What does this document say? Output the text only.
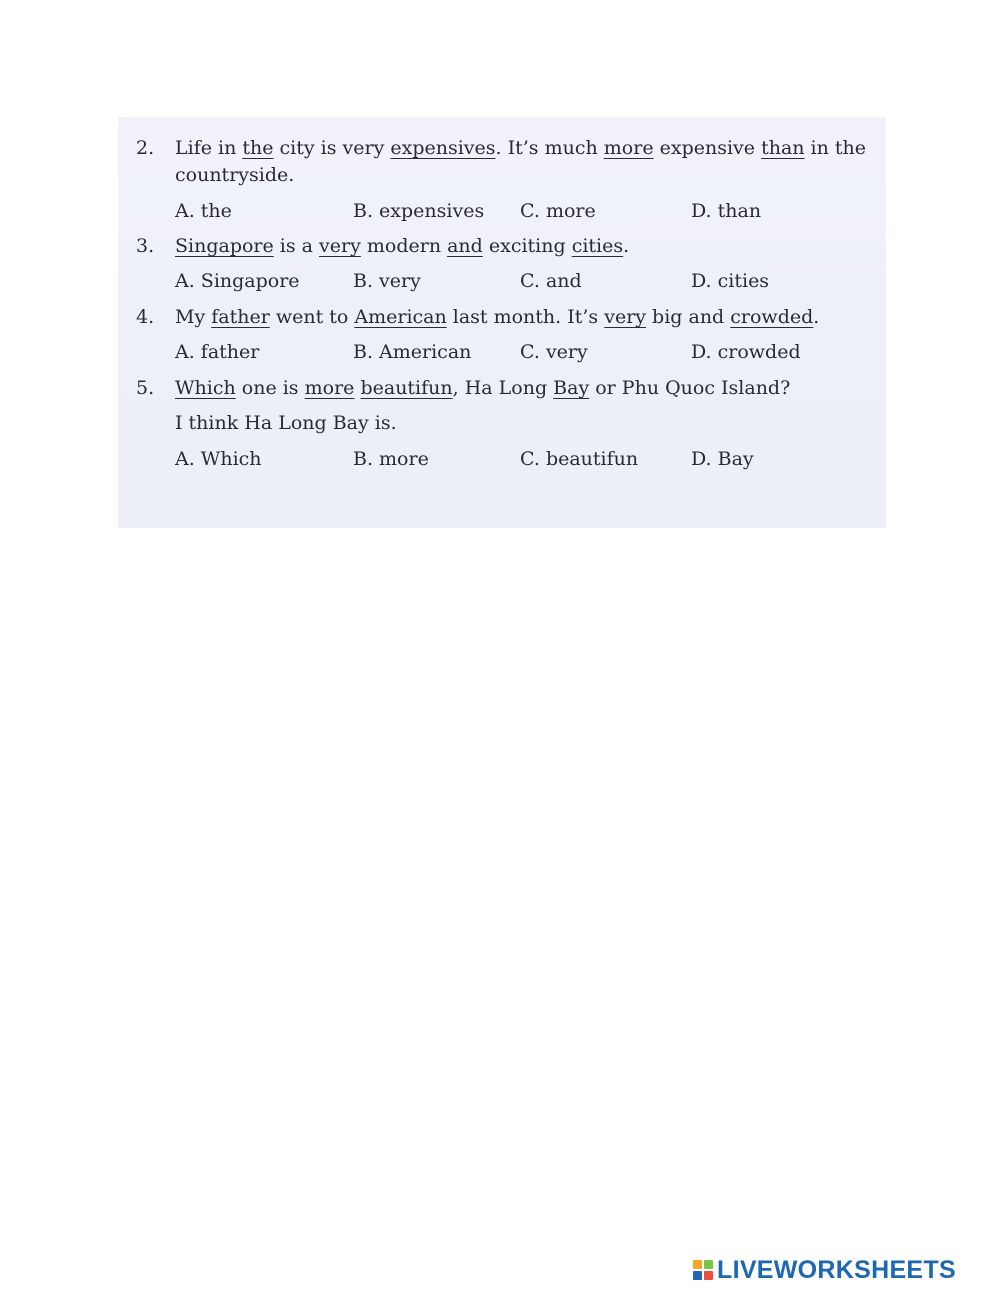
2.	Life in the city is very expensives. It’s much more expensive than in the
countryside.
A. the	B. expensives C. more	D. than
3.	Singapore is a very modern and exciting cities.
A. Singapore	B. very	C. and	D. cities
4.	My father went to American last month. It’s very big and crowded.
A. father	B. American	C. very	D. crowded
5.	Which one is more beautifun, Ha Long Bay or Phu Quoc Island?
I think Ha Long Bay is.
A. Which	B. more	C. beautifun	D. Bay
LIVEWORKSHEETS
